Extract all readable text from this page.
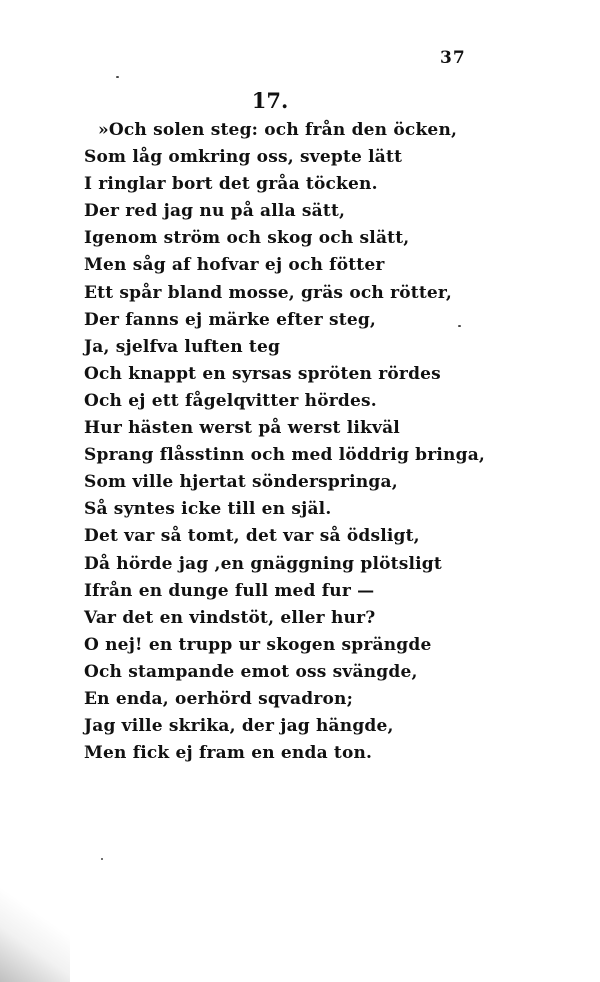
37
17.
»Och solen steg: och från den öcken,
Som låg omkring oss, svepte lätt
I ringlar bort det gråa töcken.
Der red jag nu på alla sätt,
Igenom ström och skog och slätt,
Men såg af hofvar ej och fötter
Ett spår bland mosse, gräs och rötter,
Der fanns ej märke efter steg,
Ja, sjelfva luften teg
Och knappt en syrsas spröten rördes
Och ej ett fågelqvitter hördes.
Hur hästen werst på werst likväl
Sprang flåsstinn och med löddrig bringa,
Som ville hjertat sönderspringa,
Så syntes icke till en själ.
Det var så tomt, det var så ödsligt,
Då hörde jag ,en gnäggning plötsligt
Ifrån en dunge full med fur —
Var det en vindstöt, eller hur?
O nej! en trupp ur skogen sprängde
Och stampande emot oss svängde,
En enda, oerhörd sqvadron;
Jag ville skrika, der jag hängde,
Men fick ej fram en enda ton.
